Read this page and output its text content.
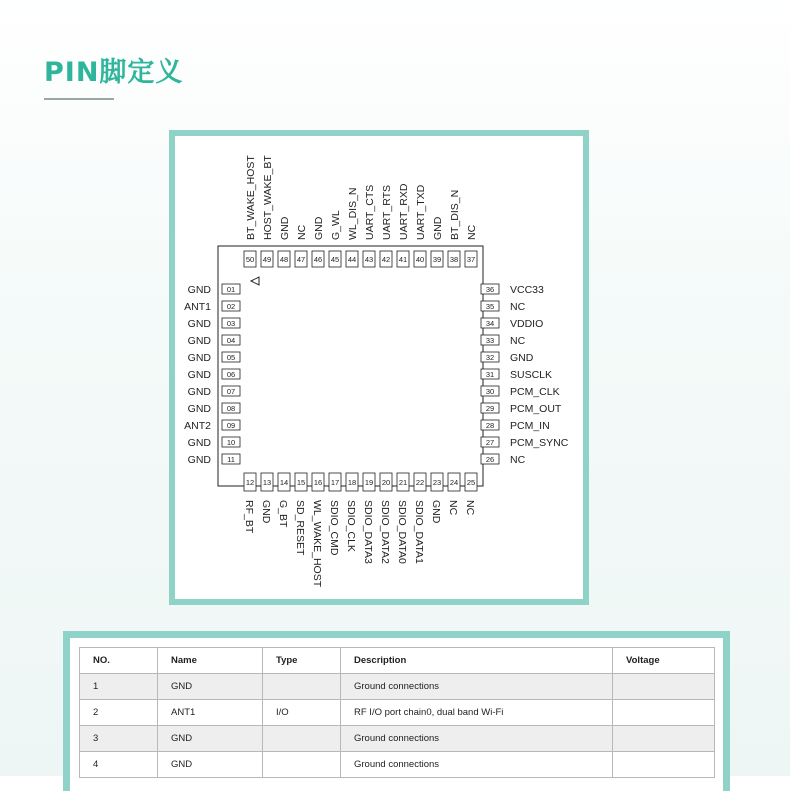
PIN脚定义
50
BT_WAKE_HOST
49
HOST_WAKE_BT
48
GND
47
NC
46
GND
45
G_WL
44
WL_DIS_N
43
UART_CTS
42
UART_RTS
41
UART_RXD
40
UART_TXD
39
GND
38
BT_DIS_N
37
NC
01
GND
02
ANT1
03
GND
04
GND
05
GND
06
GND
07
GND
08
GND
09
ANT2
10
GND
11
GND
36 VCC33
35 NC
34 VDDIO
33 NC
32 GND
31 SUSCLK
30 PCM_CLK
29 PCM_OUT
28 PCM_IN
27 PCM_SYNC
26 NC
12
RF_BT
13
GND
14
G_BT
15
SD_RESET
16
WL_WAKE_HOST
17
SDIO_CMD
18
SDIO_CLK
19
SDIO_DATA3
20
SDIO_DATA2
21
SDIO_DATA0
22
SDIO_DATA1
23
GND
24
NC
25
NC
NO.	Name	Type	Description	Voltage
1	GND		Ground connections	
2	ANT1	I/O	RF I/O port chain0, dual band Wi-Fi	
3	GND		Ground connections	
4	GND		Ground connections	
